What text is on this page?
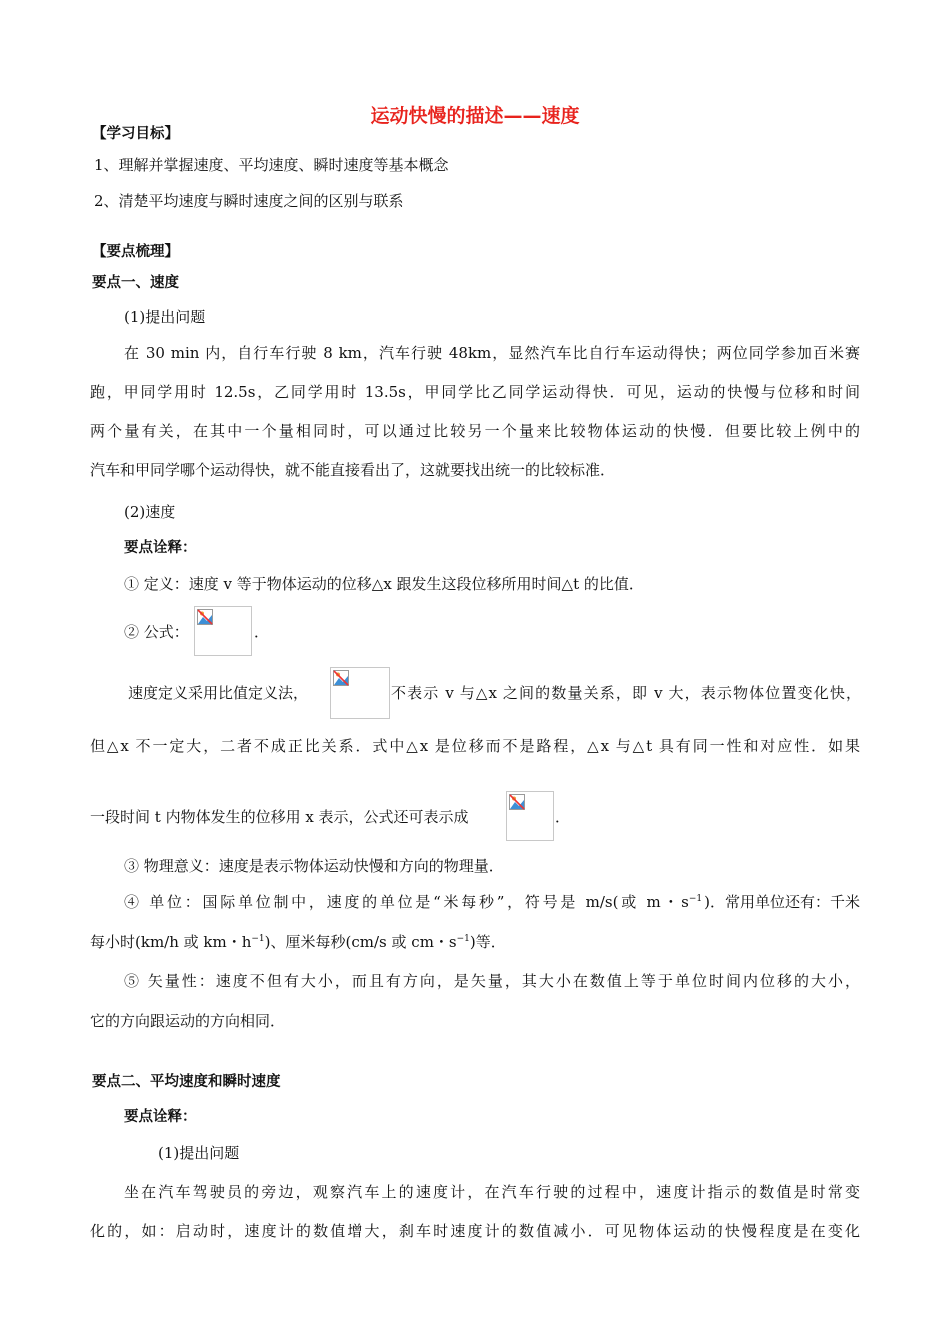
运动快慢的描述——速度
【学习目标】
1、理解并掌握速度、平均速度、瞬时速度等基本概念
2、清楚平均速度与瞬时速度之间的区别与联系
【要点梳理】
要点一、速度
(1)提出问题
在 30 min 内，自行车行驶 8 km，汽车行驶 48km，显然汽车比自行车运动得快；两位同学参加百米赛
跑，甲同学用时 12.5s，乙同学用时 13.5s，甲同学比乙同学运动得快．可见，运动的快慢与位移和时间
两个量有关，在其中一个量相同时，可以通过比较另一个量来比较物体运动的快慢．但要比较上例中的
汽车和甲同学哪个运动得快，就不能直接看出了，这就要找出统一的比较标准．
(2)速度
要点诠释：
① 定义：速度 v 等于物体运动的位移△x 跟发生这段位移所用时间△t 的比值．
② 公式：	．
速度定义采用比值定义法，	不表示 v 与△x 之间的数量关系，即 v 大，表示物体位置变化快，
但△x 不一定大，二者不成正比关系．式中△x 是位移而不是路程，△x 与△t 具有同一性和对应性．如果
一段时间 t 内物体发生的位移用 x 表示，公式还可表示成	．
③ 物理意义：速度是表示物体运动快慢和方向的物理量．
④ 单位：国际单位制中，速度的单位是“米每秒”，符号是 m/s(或 m・$s^{-1}$ )．常用单位还有：千米
每小时(km/h 或 km・$h^{-1}$)、厘米每秒(cm/s 或 cm・$s^{-1}$)等．
⑤ 矢量性：速度不但有大小，而且有方向，是矢量，其大小在数值上等于单位时间内位移的大小，
它的方向跟运动的方向相同．
要点二、平均速度和瞬时速度
要点诠释：
(1)提出问题
坐在汽车驾驶员的旁边，观察汽车上的速度计，在汽车行驶的过程中，速度计指示的数值是时常变
化的，如：启动时，速度计的数值增大，刹车时速度计的数值减小．可见物体运动的快慢程度是在变化
